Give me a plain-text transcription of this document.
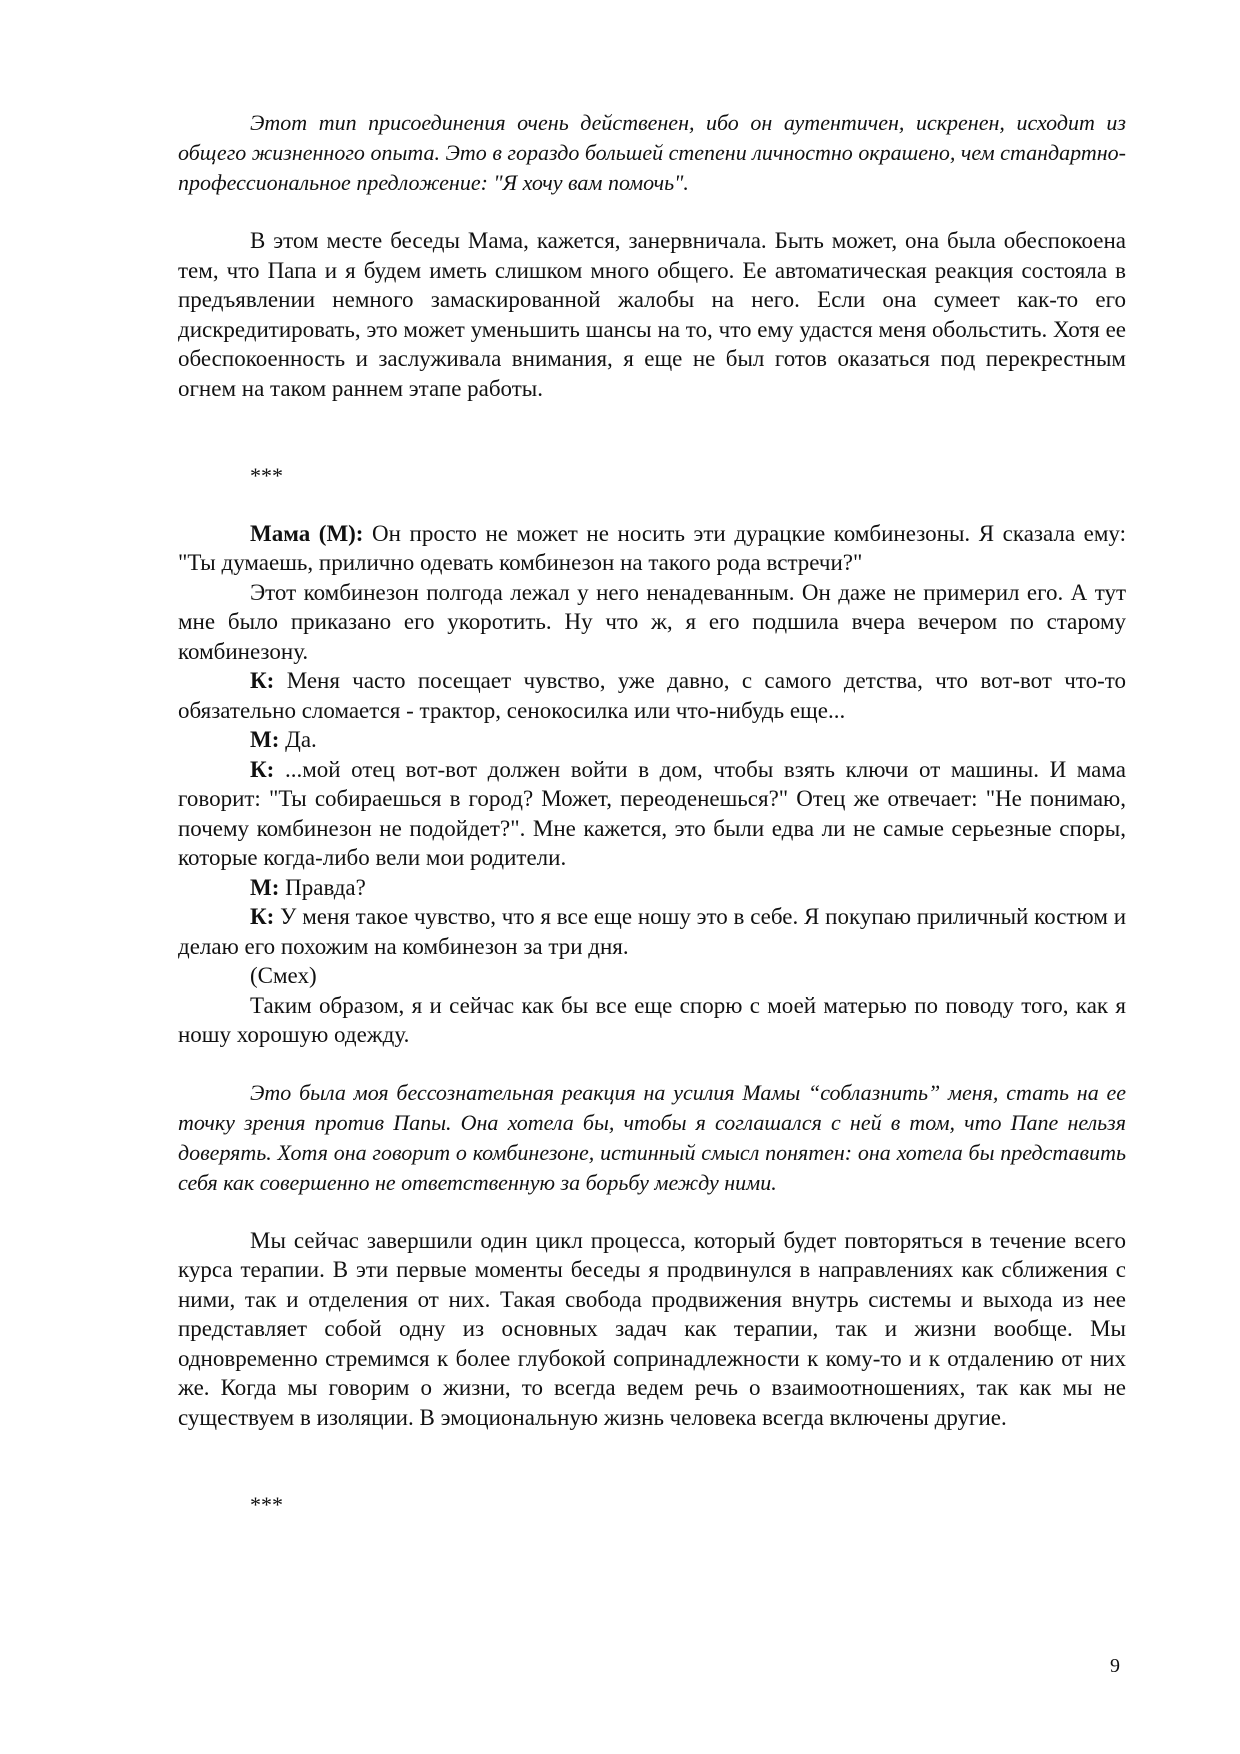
Этот тип присоединения очень действенен, ибо он аутентичен, искренен, исходит из общего жизненного опыта. Это в гораздо большей степени личностно окрашено, чем стандартно-профессиональное предложение: "Я хочу вам помочь".

В этом месте беседы Мама, кажется, занервничала. Быть может, она была обеспокоена тем, что Папа и я будем иметь слишком много общего. Ее автоматическая реакция состояла в предъявлении немного замаскированной жалобы на него. Если она сумеет как-то его дискредитировать, это может уменьшить шансы на то, что ему удастся меня обольстить. Хотя ее обеспокоенность и заслуживала внимания, я еще не был готов оказаться под перекрестным огнем на таком раннем этапе работы.

***

Мама (М): Он просто не может не носить эти дурацкие комбинезоны. Я сказала ему: "Ты думаешь, прилично одевать комбинезон на такого рода встречи?"

Этот комбинезон полгода лежал у него ненадеванным. Он даже не примерил его. А тут мне было приказано его укоротить. Ну что ж, я его подшила вчера вечером по старому комбинезону.

К: Меня часто посещает чувство, уже давно, с самого детства, что вот-вот что-то обязательно сломается - трактор, сенокосилка или что-нибудь еще...

М: Да.

К: ...мой отец вот-вот должен войти в дом, чтобы взять ключи от машины. И мама говорит: "Ты собираешься в город? Может, переоденешься?" Отец же отвечает: "Не понимаю, почему комбинезон не подойдет?". Мне кажется, это были едва ли не самые серьезные споры, которые когда-либо вели мои родители.

М: Правда?

К: У меня такое чувство, что я все еще ношу это в себе. Я покупаю приличный костюм и делаю его похожим на комбинезон за три дня.

(Смех)

Таким образом, я и сейчас как бы все еще спорю с моей матерью по поводу того, как я ношу хорошую одежду.

Это была моя бессознательная реакция на усилия Мамы “соблазнить” меня, стать на ее точку зрения против Папы. Она хотела бы, чтобы я соглашался с ней в том, что Папе нельзя доверять. Хотя она говорит о комбинезоне, истинный смысл понятен: она хотела бы представить себя как совершенно не ответственную за борьбу между ними.

Мы сейчас завершили один цикл процесса, который будет повторяться в течение всего курса терапии. В эти первые моменты беседы я продвинулся в направлениях как сближения с ними, так и отделения от них. Такая свобода продвижения внутрь системы и выхода из нее представляет собой одну из основных задач как терапии, так и жизни вообще. Мы одновременно стремимся к более глубокой сопринадлежности к кому-то и к отдалению от них же. Когда мы говорим о жизни, то всегда ведем речь о взаимоотношениях, так как мы не существуем в изоляции. В эмоциональную жизнь человека всегда включены другие.

***

9
